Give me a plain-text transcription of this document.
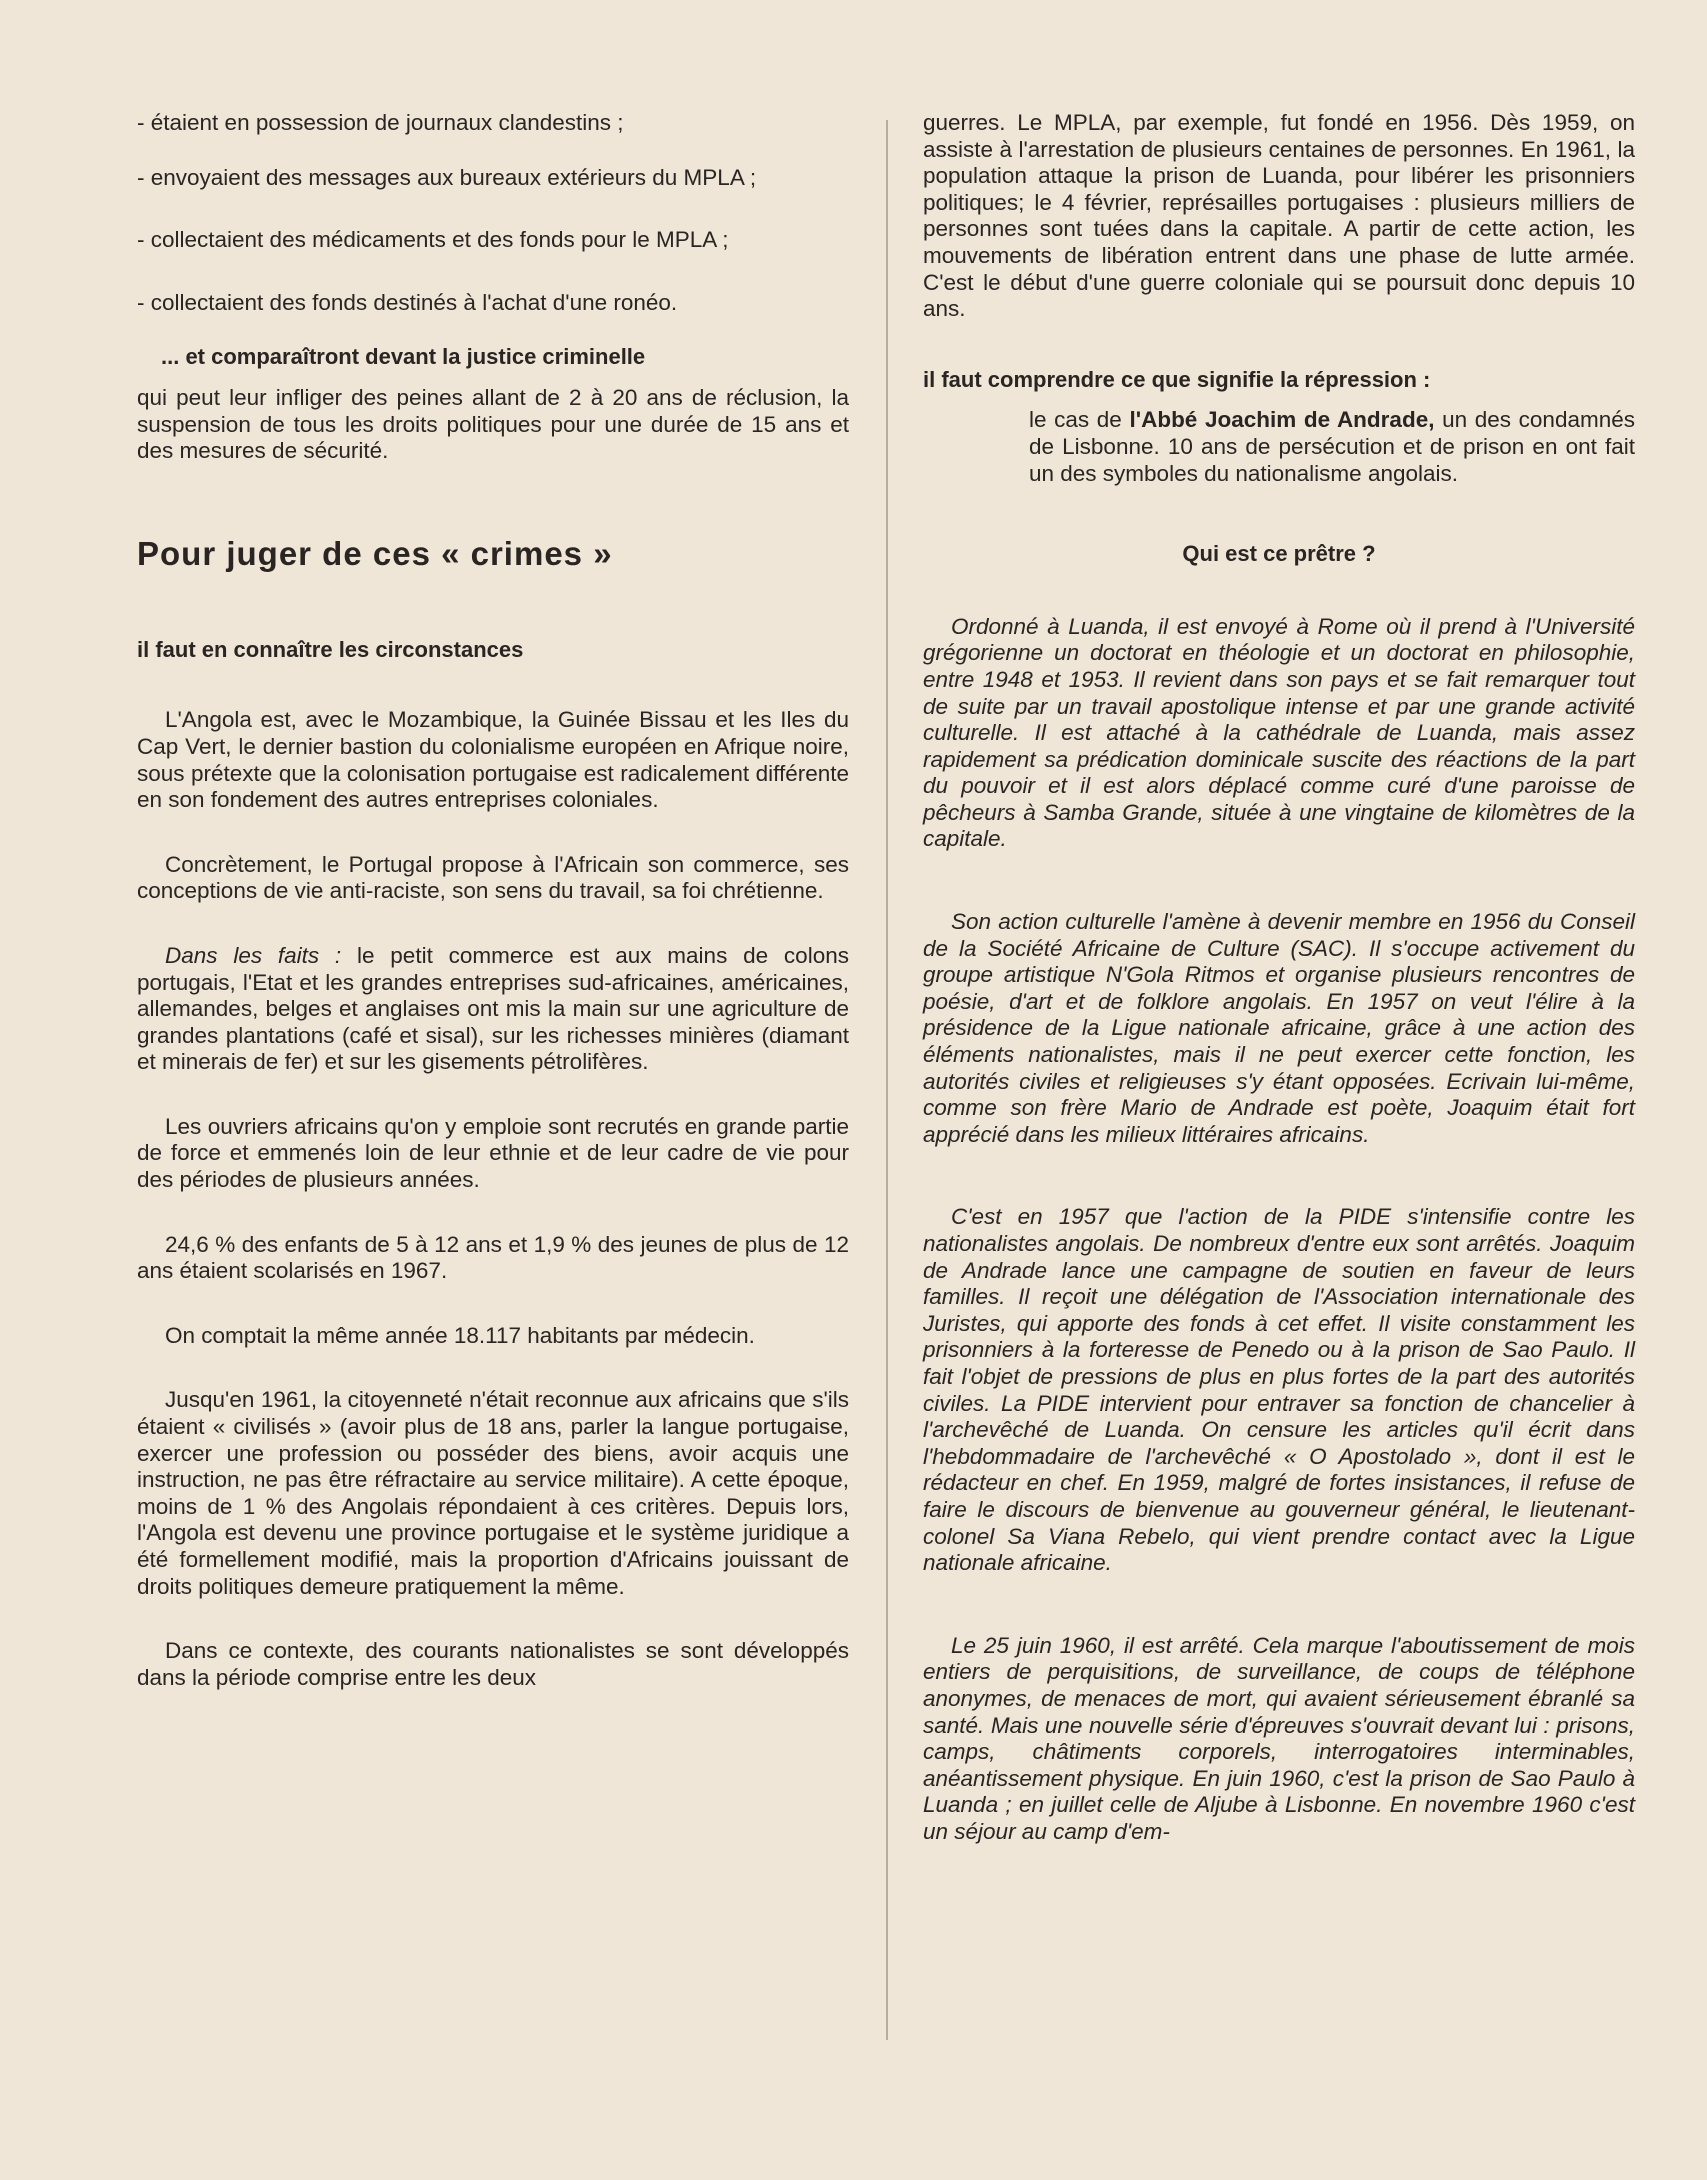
- étaient en possession de journaux clandestins ;

- envoyaient des messages aux bureaux extérieurs du MPLA ;

- collectaient des médicaments et des fonds pour le MPLA ;

- collectaient des fonds destinés à l'achat d'une ronéo.

... et comparaîtront devant la justice criminelle

qui peut leur infliger des peines allant de 2 à 20 ans de réclusion, la suspension de tous les droits politiques pour une durée de 15 ans et des mesures de sécurité.

Pour juger de ces « crimes »

il faut en connaître les circonstances

L'Angola est, avec le Mozambique, la Guinée Bissau et les Iles du Cap Vert, le dernier bastion du colonialisme européen en Afrique noire, sous prétexte que la colonisation portugaise est radicalement différente en son fondement des autres entreprises coloniales.

Concrètement, le Portugal propose à l'Africain son commerce, ses conceptions de vie anti-raciste, son sens du travail, sa foi chrétienne.

Dans les faits : le petit commerce est aux mains de colons portugais, l'Etat et les grandes entreprises sud-africaines, américaines, allemandes, belges et anglaises ont mis la main sur une agriculture de grandes plantations (café et sisal), sur les richesses minières (diamant et minerais de fer) et sur les gisements pétrolifères.

Les ouvriers africains qu'on y emploie sont recrutés en grande partie de force et emmenés loin de leur ethnie et de leur cadre de vie pour des périodes de plusieurs années.

24,6 % des enfants de 5 à 12 ans et 1,9 % des jeunes de plus de 12 ans étaient scolarisés en 1967.

On comptait la même année 18.117 habitants par médecin.

Jusqu'en 1961, la citoyenneté n'était reconnue aux africains que s'ils étaient « civilisés » (avoir plus de 18 ans, parler la langue portugaise, exercer une profession ou posséder des biens, avoir acquis une instruction, ne pas être réfractaire au service militaire). A cette époque, moins de 1 % des Angolais répondaient à ces critères. Depuis lors, l'Angola est devenu une province portugaise et le système juridique a été formellement modifié, mais la proportion d'Africains jouissant de droits politiques demeure pratiquement la même.

Dans ce contexte, des courants nationalistes se sont développés dans la période comprise entre les deux

guerres. Le MPLA, par exemple, fut fondé en 1956. Dès 1959, on assiste à l'arrestation de plusieurs centaines de personnes. En 1961, la population attaque la prison de Luanda, pour libérer les prisonniers politiques; le 4 février, représailles portugaises : plusieurs milliers de personnes sont tuées dans la capitale. A partir de cette action, les mouvements de libération entrent dans une phase de lutte armée. C'est le début d'une guerre coloniale qui se poursuit donc depuis 10 ans.

il faut comprendre ce que signifie la répression :

le cas de l'Abbé Joachim de Andrade, un des condamnés de Lisbonne. 10 ans de persécution et de prison en ont fait un des symboles du nationalisme angolais.

Qui est ce prêtre ?

Ordonné à Luanda, il est envoyé à Rome où il prend à l'Université grégorienne un doctorat en théologie et un doctorat en philosophie, entre 1948 et 1953. Il revient dans son pays et se fait remarquer tout de suite par un travail apostolique intense et par une grande activité culturelle. Il est attaché à la cathédrale de Luanda, mais assez rapidement sa prédication dominicale suscite des réactions de la part du pouvoir et il est alors déplacé comme curé d'une paroisse de pêcheurs à Samba Grande, située à une vingtaine de kilomètres de la capitale.

Son action culturelle l'amène à devenir membre en 1956 du Conseil de la Société Africaine de Culture (SAC). Il s'occupe activement du groupe artistique N'Gola Ritmos et organise plusieurs rencontres de poésie, d'art et de folklore angolais. En 1957 on veut l'élire à la présidence de la Ligue nationale africaine, grâce à une action des éléments nationalistes, mais il ne peut exercer cette fonction, les autorités civiles et religieuses s'y étant opposées. Ecrivain lui-même, comme son frère Mario de Andrade est poète, Joaquim était fort apprécié dans les milieux littéraires africains.

C'est en 1957 que l'action de la PIDE s'intensifie contre les nationalistes angolais. De nombreux d'entre eux sont arrêtés. Joaquim de Andrade lance une campagne de soutien en faveur de leurs familles. Il reçoit une délégation de l'Association internationale des Juristes, qui apporte des fonds à cet effet. Il visite constamment les prisonniers à la forteresse de Penedo ou à la prison de Sao Paulo. Il fait l'objet de pressions de plus en plus fortes de la part des autorités civiles. La PIDE intervient pour entraver sa fonction de chancelier à l'archevêché de Luanda. On censure les articles qu'il écrit dans l'hebdommadaire de l'archevêché « O Apostolado », dont il est le rédacteur en chef. En 1959, malgré de fortes insistances, il refuse de faire le discours de bienvenue au gouverneur général, le lieutenant-colonel Sa Viana Rebelo, qui vient prendre contact avec la Ligue nationale africaine.

Le 25 juin 1960, il est arrêté. Cela marque l'aboutissement de mois entiers de perquisitions, de surveillance, de coups de téléphone anonymes, de menaces de mort, qui avaient sérieusement ébranlé sa santé. Mais une nouvelle série d'épreuves s'ouvrait devant lui : prisons, camps, châtiments corporels, interrogatoires interminables, anéantissement physique. En juin 1960, c'est la prison de Sao Paulo à Luanda ; en juillet celle de Aljube à Lisbonne. En novembre 1960 c'est un séjour au camp d'em-
